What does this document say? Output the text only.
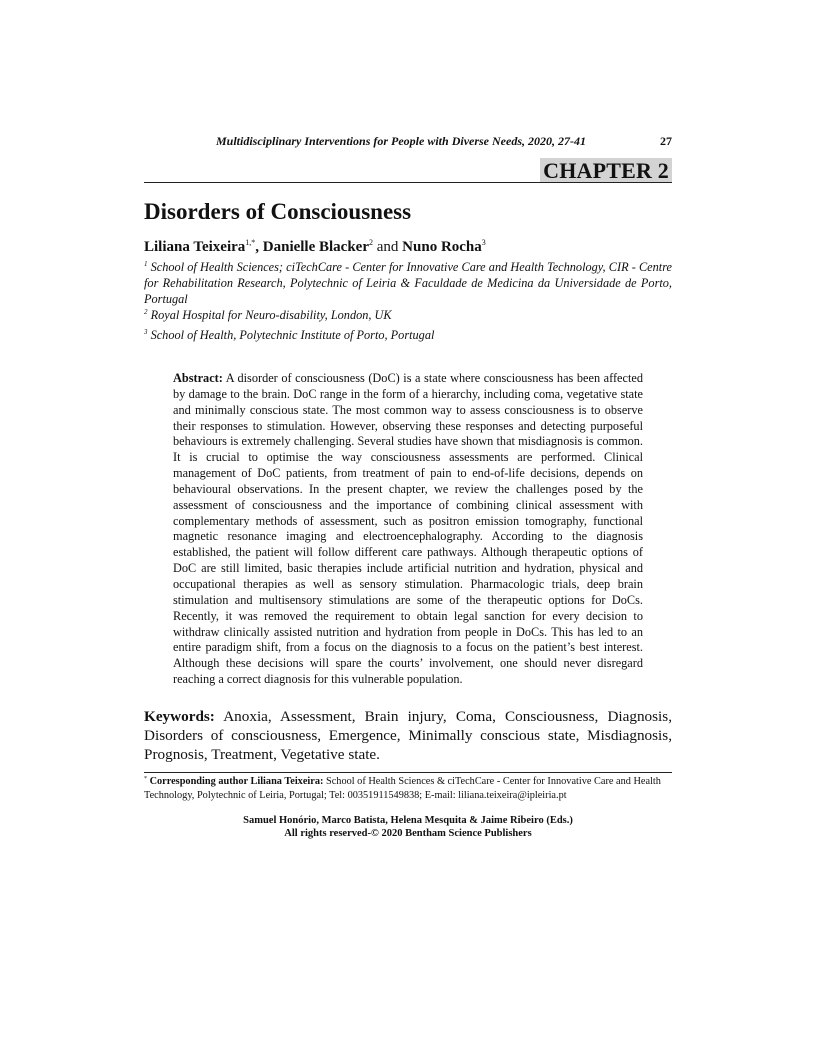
Multidisciplinary Interventions for People with Diverse Needs, 2020, 27-41	27
CHAPTER 2
Disorders of Consciousness
Liliana Teixeira$^{1,*}$, Danielle Blacker$^2$ and Nuno Rocha$^3$
$^1$ School of Health Sciences; ciTechCare - Center for Innovative Care and Health Technology, CIR - Centre for Rehabilitation Research, Polytechnic of Leiria & Faculdade de Medicina da Universidade de Porto, Portugal
$^2$ Royal Hospital for Neuro-disability, London, UK
$^3$ School of Health, Polytechnic Institute of Porto, Portugal
Abstract: A disorder of consciousness (DoC) is a state where consciousness has been affected by damage to the brain. DoC range in the form of a hierarchy, including coma, vegetative state and minimally conscious state. The most common way to assess consciousness is to observe their responses to stimulation. However, observing these responses and detecting purposeful behaviours is extremely challenging. Several studies have shown that misdiagnosis is common. It is crucial to optimise the way consciousness assessments are performed. Clinical management of DoC patients, from treatment of pain to end-of-life decisions, depends on behavioural observations. In the present chapter, we review the challenges posed by the assessment of consciousness and the importance of combining clinical assessment with complementary methods of assessment, such as positron emission tomography, functional magnetic resonance imaging and electroencephalography. According to the diagnosis established, the patient will follow different care pathways. Although therapeutic options of DoC are still limited, basic therapies include artificial nutrition and hydration, physical and occupational therapies as well as sensory stimulation. Pharmacologic trials, deep brain stimulation and multisensory stimulations are some of the therapeutic options for DoCs. Recently, it was removed the requirement to obtain legal sanction for every decision to withdraw clinically assisted nutrition and hydration from people in DoCs. This has led to an entire paradigm shift, from a focus on the diagnosis to a focus on the patient’s best interest. Although these decisions will spare the courts’ involvement, one should never disregard reaching a correct diagnosis for this vulnerable population.
Keywords: Anoxia, Assessment, Brain injury, Coma, Consciousness, Diagnosis, Disorders of consciousness, Emergence, Minimally conscious state, Misdiagnosis, Prognosis, Treatment, Vegetative state.
* Corresponding author Liliana Teixeira: School of Health Sciences & ciTechCare - Center for Innovative Care and Health Technology, Polytechnic of Leiria, Portugal; Tel: 00351911549838; E-mail: liliana.teixeira@ipleiria.pt
Samuel Honório, Marco Batista, Helena Mesquita & Jaime Ribeiro (Eds.)
All rights reserved-© 2020 Bentham Science Publishers
